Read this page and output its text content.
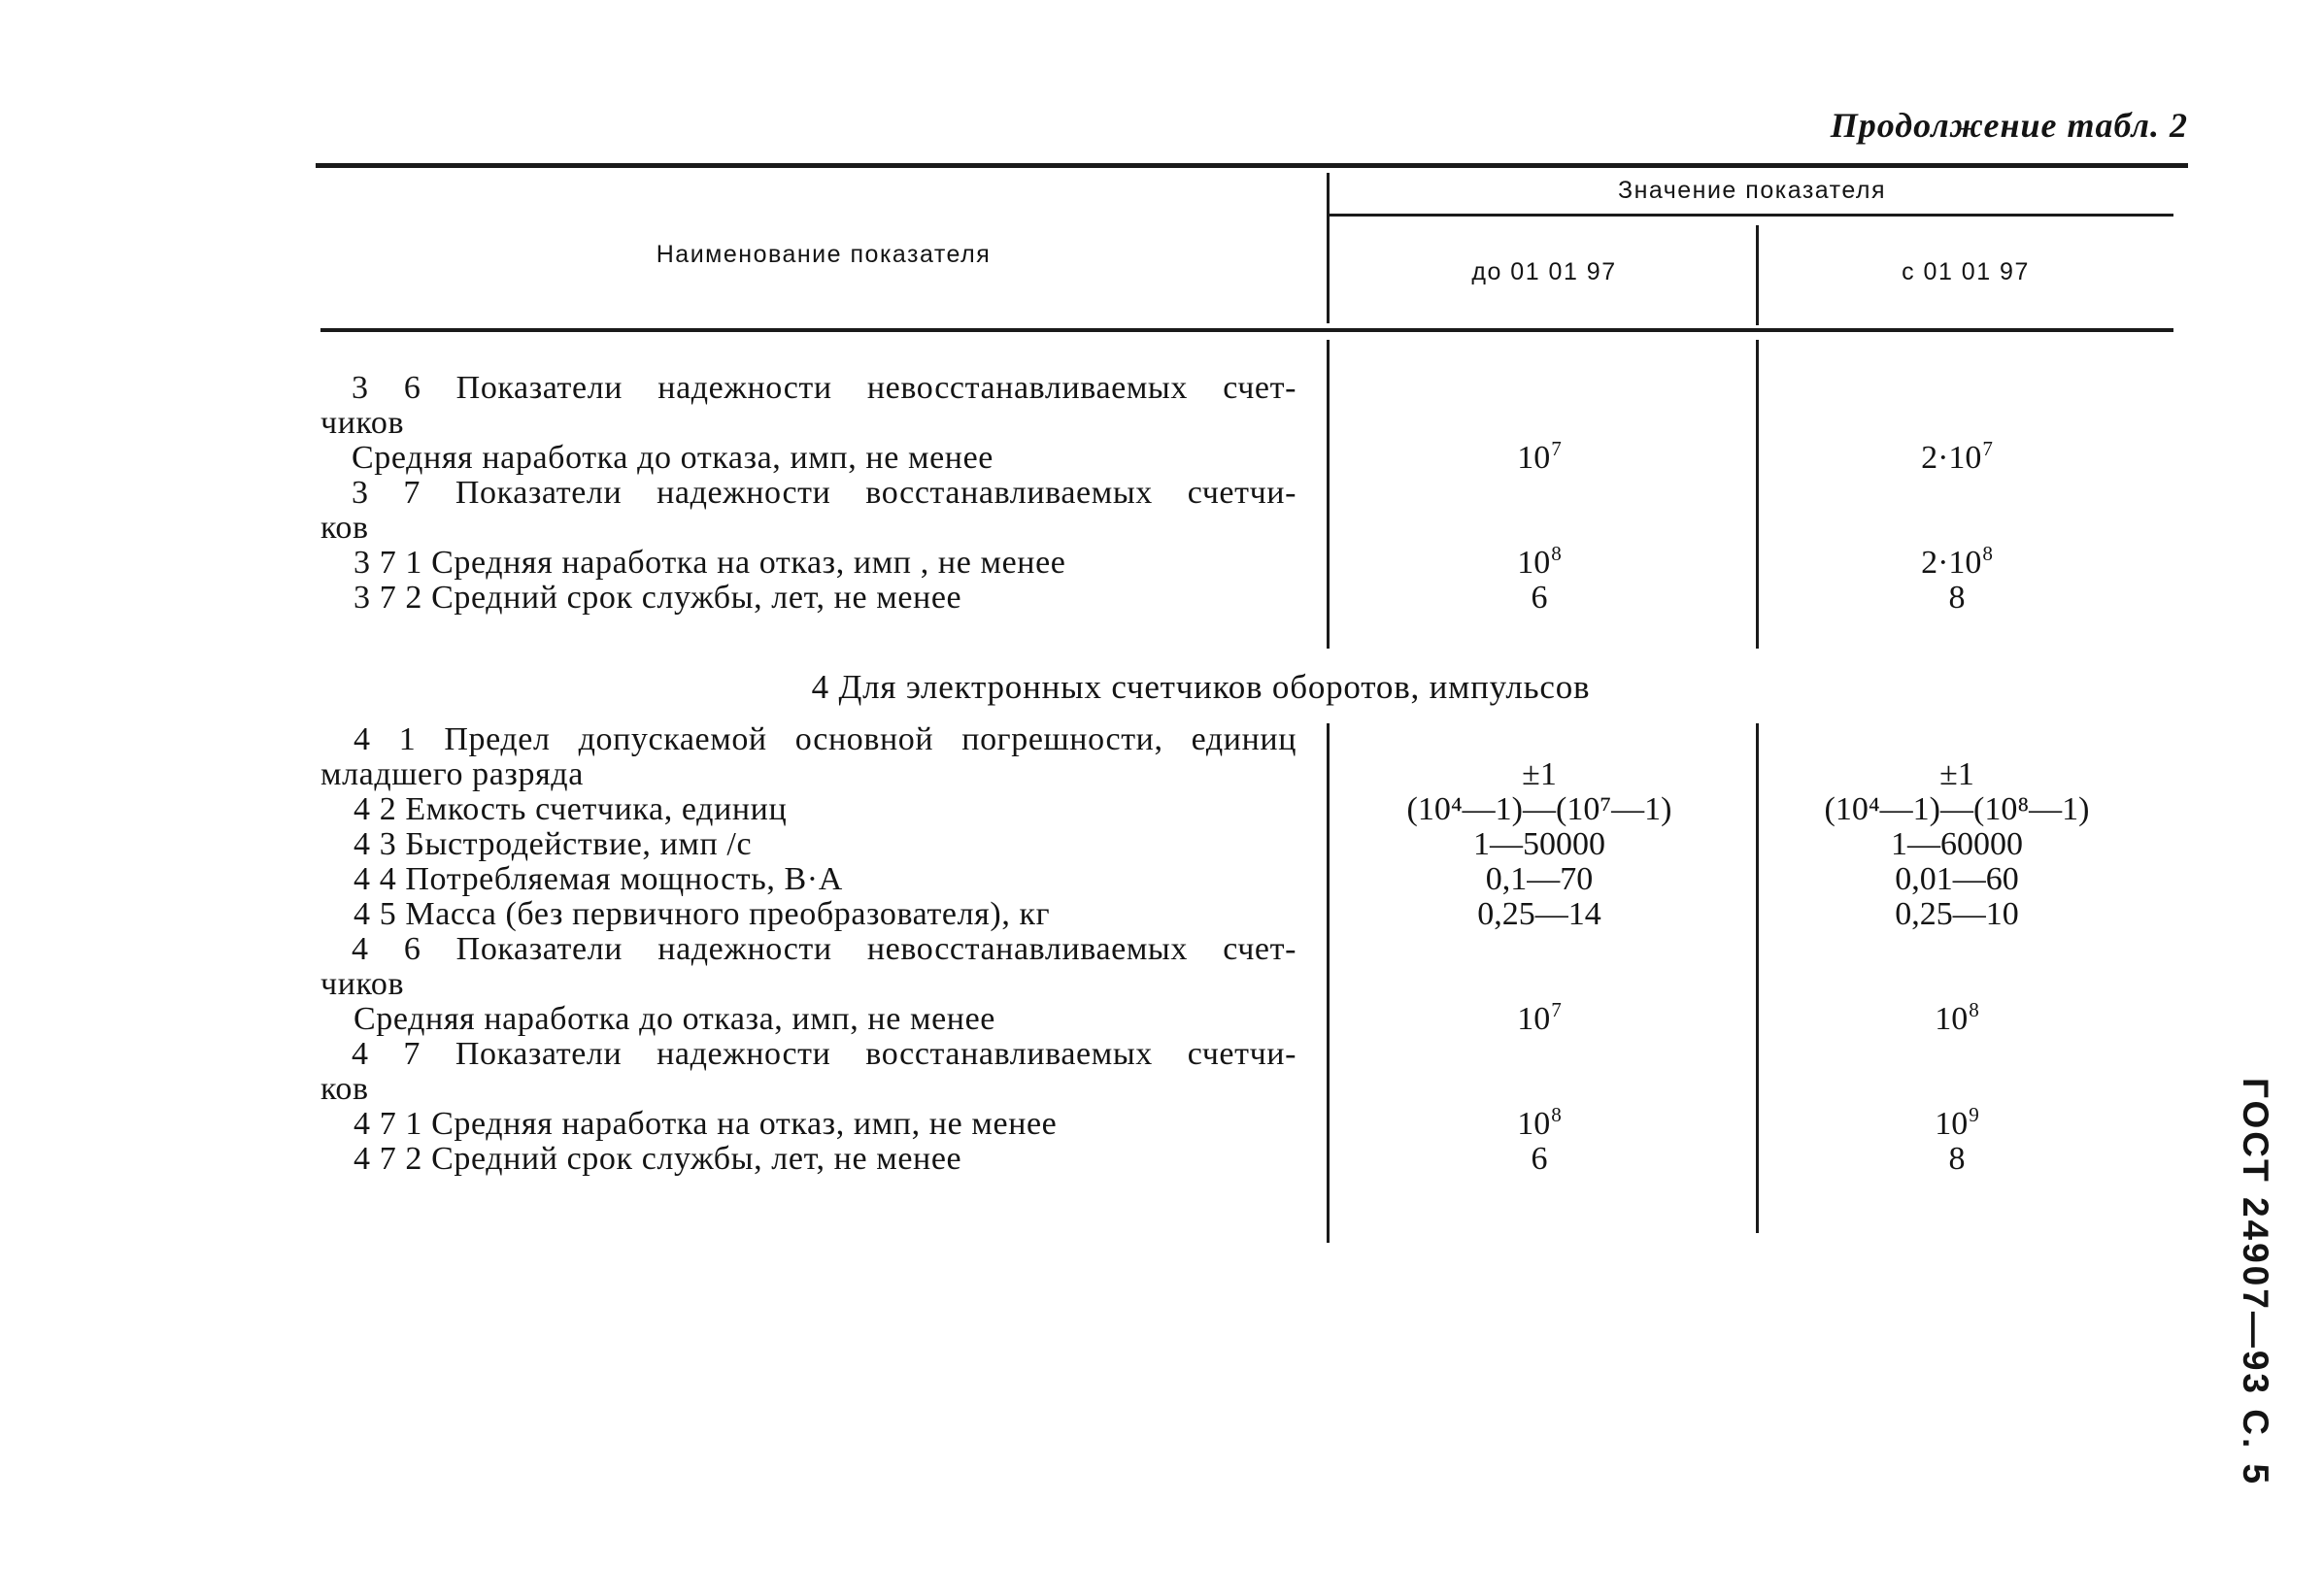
Продолжение табл. 2
Наименование показателя
Значение показателя
до 01 01 97	с 01 01 97
3 6 Показатели надежности невосстанавливаемых счет-
чиков
Средняя наработка до отказа, имп, не менее	$10^7$	$2\cdot 10^7$
3 7 Показатели надежности восстанавливаемых счетчи-
ков
3 7 1 Средняя наработка на отказ, имп , не менее	$10^8$	$2\cdot 10^8$
3 7 2 Средний срок службы, лет, не менее	6	8
4 Для электронных счетчиков оборотов, импульсов
4 1 Предел допускаемой основной погрешности, единиц
младшего разряда	±1	±1
4 2 Емкость счетчика, единиц	(10⁴—1)—(10⁷—1)	(10⁴—1)—(10⁸—1)
4 3 Быстродействие, имп /с	1—50000	1—60000
4 4 Потребляемая мощность, В·А	0,1—70	0,01—60
4 5 Масса (без первичного преобразователя), кг	0,25—14	0,25—10
4 6 Показатели надежности невосстанавливаемых счет-
чиков
Средняя наработка до отказа, имп, не менее	$10^7$	$10^8$
4 7 Показатели надежности восстанавливаемых счетчи-
ков
4 7 1 Средняя наработка на отказ, имп, не менее	$10^8$	$10^9$
4 7 2 Средний срок службы, лет, не менее	6	8	ГОСТ 24907—93 С. 5
